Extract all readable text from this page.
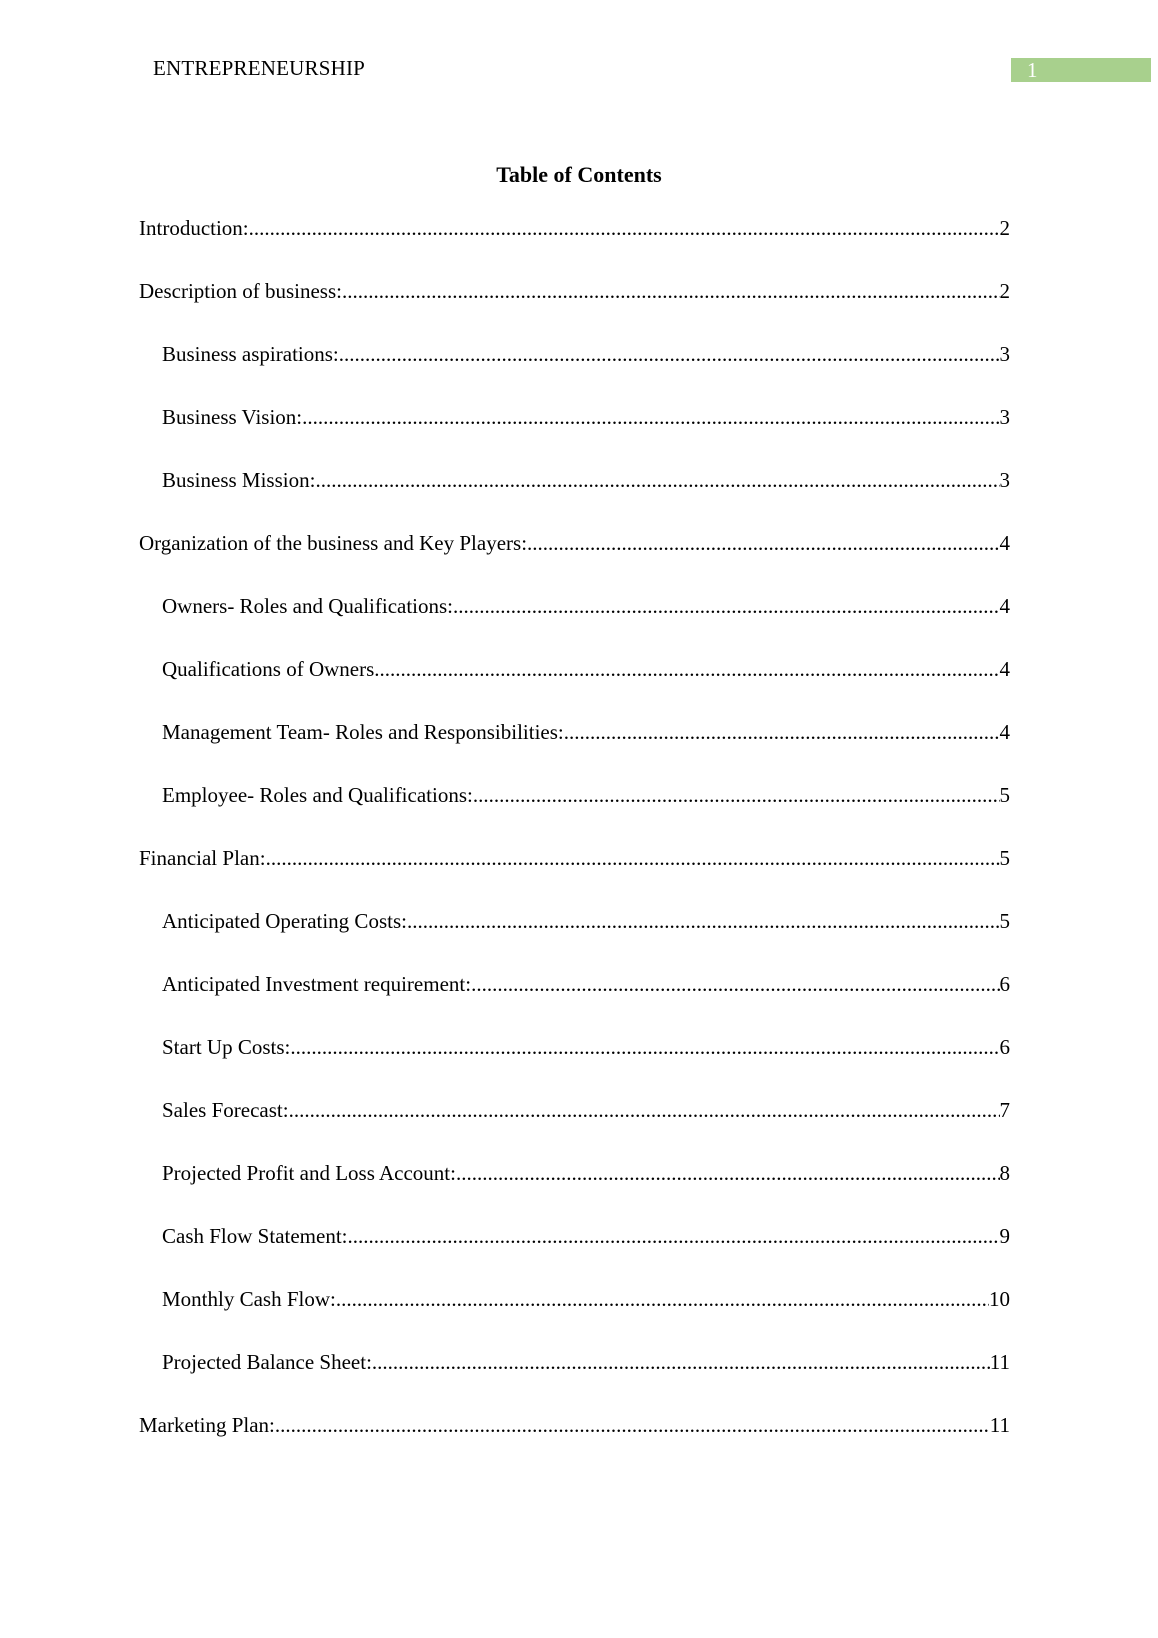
ENTREPRENEURSHIP	1
Table of Contents
Introduction: .....	2
Description of business: .....	2
Business aspirations: .....	3
Business Vision: .....	3
Business Mission: .....	3
Organization of the business and Key Players: .....	4
Owners- Roles and Qualifications: .....	4
Qualifications of Owners .....	4
Management Team- Roles and Responsibilities: .....	4
Employee- Roles and Qualifications: .....	5
Financial Plan: .....	5
Anticipated Operating Costs: .....	5
Anticipated Investment requirement: .....	6
Start Up Costs: .....	6
Sales Forecast: .....	7
Projected Profit and Loss Account: .....	8
Cash Flow Statement: .....	9
Monthly Cash Flow: .....	10
Projected Balance Sheet: .....	11
Marketing Plan: .....	11
